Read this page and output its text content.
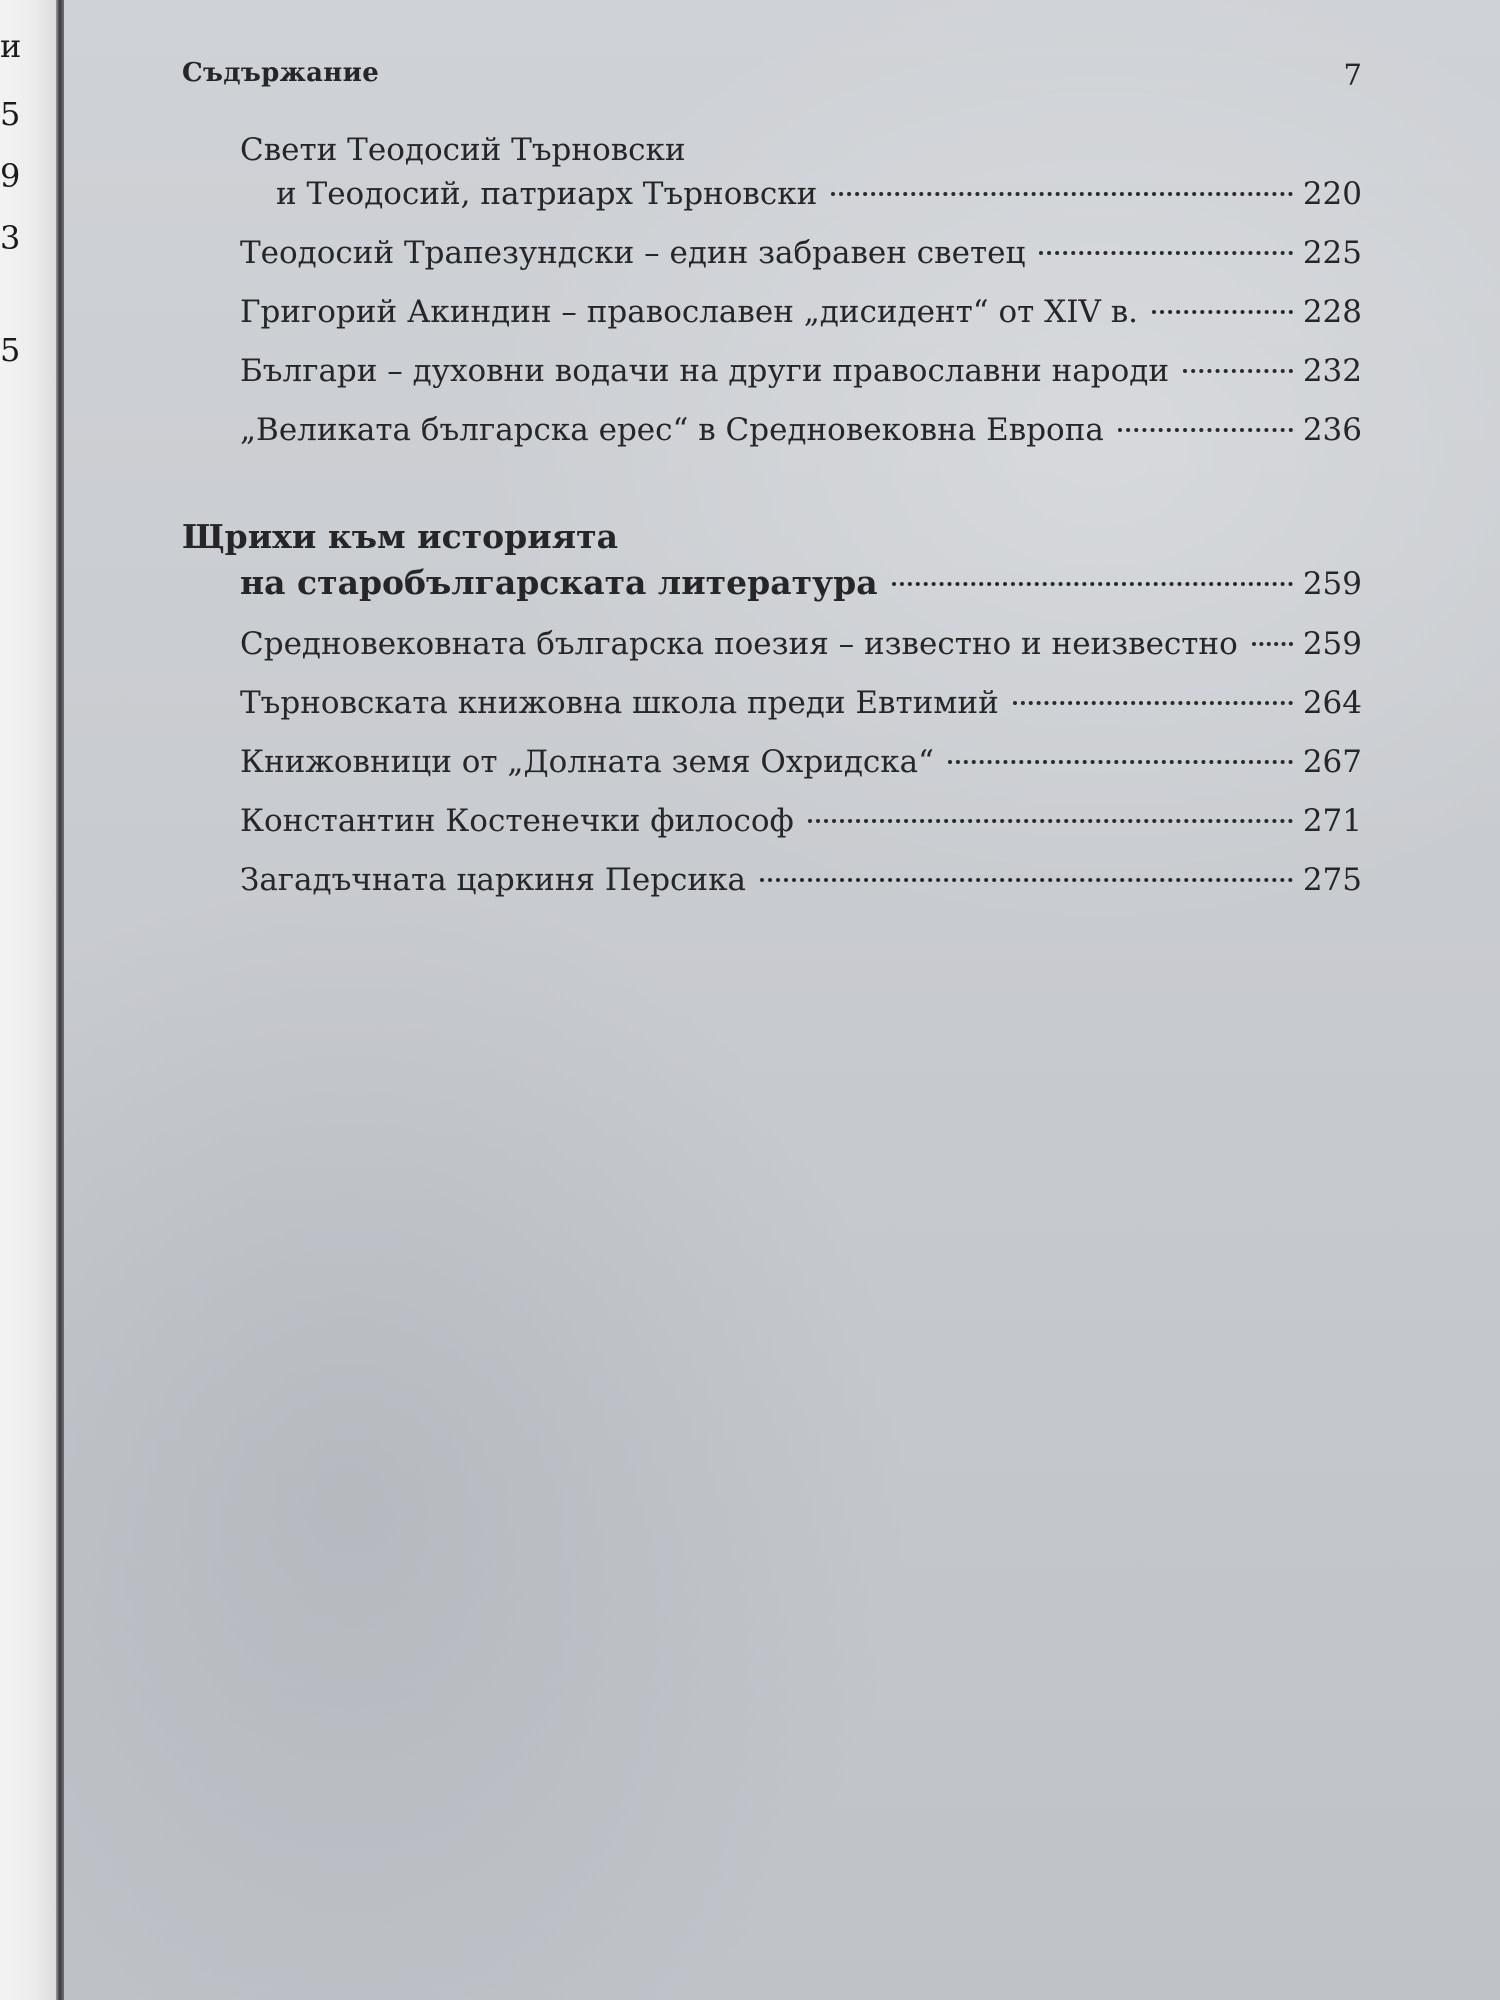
и
5
9
3
5
Съдържание	7
Свети Теодосий Търновски
и Теодосий, патриарх Търновски	220
Теодосий Трапезундски – един забравен светец	225
Григорий Акиндин – православен „дисидент“ от XIV в.	228
Българи – духовни водачи на други православни народи	232
„Великата българска ерес“ в Средновековна Европа	236
Щрихи към историята
на старобългарската литература	259
Средновековната българска поезия – известно и неизвестно 259
Търновската книжовна школа преди Евтимий	264
Книжовници от „Долната земя Охридска“	267
Константин Костенечки философ	271
Загадъчната царкиня Персика	275
